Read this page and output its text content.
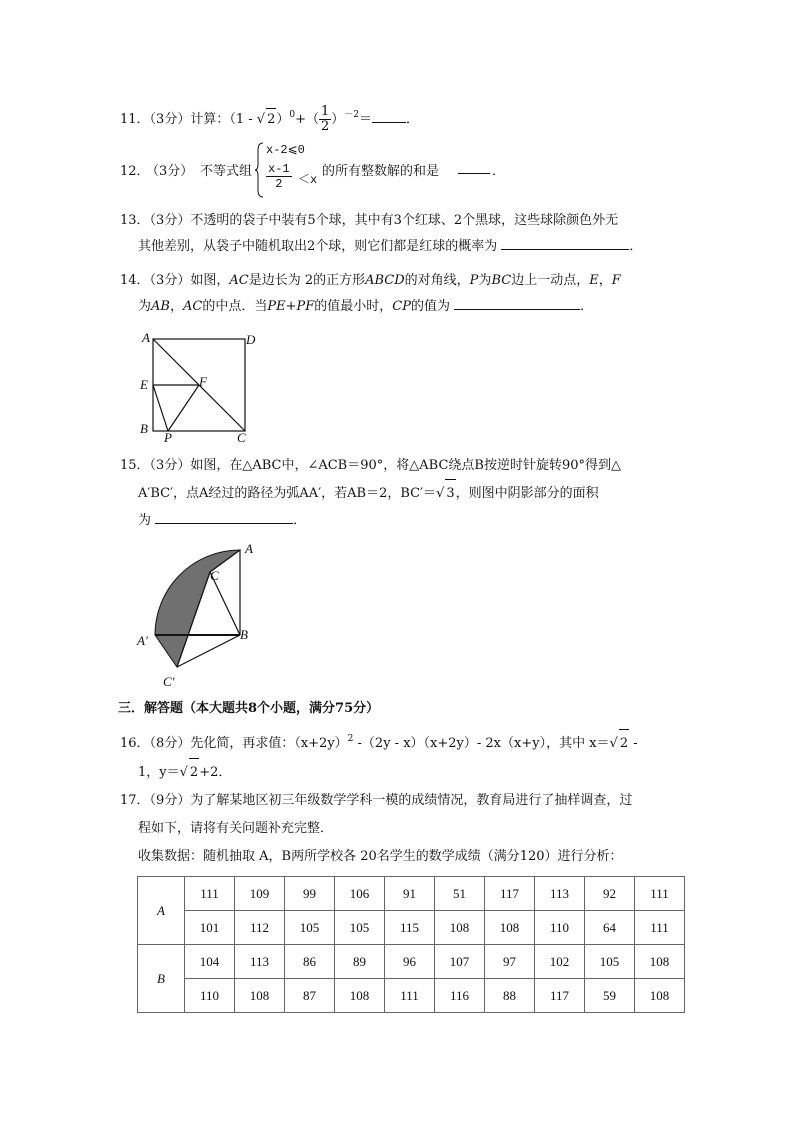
11．（3分）计算：（1 - √ $2)^0+( \frac{1}{2} )^{-2}=$	．
12．
（3分） 不等式组
x-2⩽0
$\frac{x-1}{2} <x$
的所有整数解的和是	．
13．（3分）不透明的袋子中装有5个球，其中有3个红球、2个黑球，这些球除颜色外无
其他差别，从袋子中随机取出2个球，则它们都是红球的概率为	．
14．（3分）如图，AC是边长为 2的正方形ABCD的对角线，P为BC边上一动点，E，F
为AB，AC的中点．当PE+PF的值最小时，CP的值为	．
A	D
E	F
B
P	C
15．（3分）如图，在△ABC中，∠ACB＝90°，将△ABC绕点B按逆时针旋转90°得到△
A′BC′，点A经过的路径为弧AA′，若AB＝2，BC′＝√ 3，则图中阴影部分的面积
为	．
A
C
B
A′
C′
三．解答题（本大题共8个小题，满分75分）
16．（8分）先化简，再求值：$(x+2y)^2$ -（2y - x）（x+2y）- 2x（x+y），其中 x＝√ 2 -
1，y＝√ 2+2．
17．（9分）为了解某地区初三年级数学学科一模的成绩情况，教育局进行了抽样调查，过
程如下，请将有关问题补充完整．
收集数据：随机抽取 A，B两所学校各 20名学生的数学成绩（满分120）进行分析：
A	111	109	99	106	91	51	117	113	92	111
	101	112	105	105	115	108	108	110	64	111
B	104	113	86	89	96	107	97	102	105	108
	110	108	87	108	111	116	88	117	59	108
